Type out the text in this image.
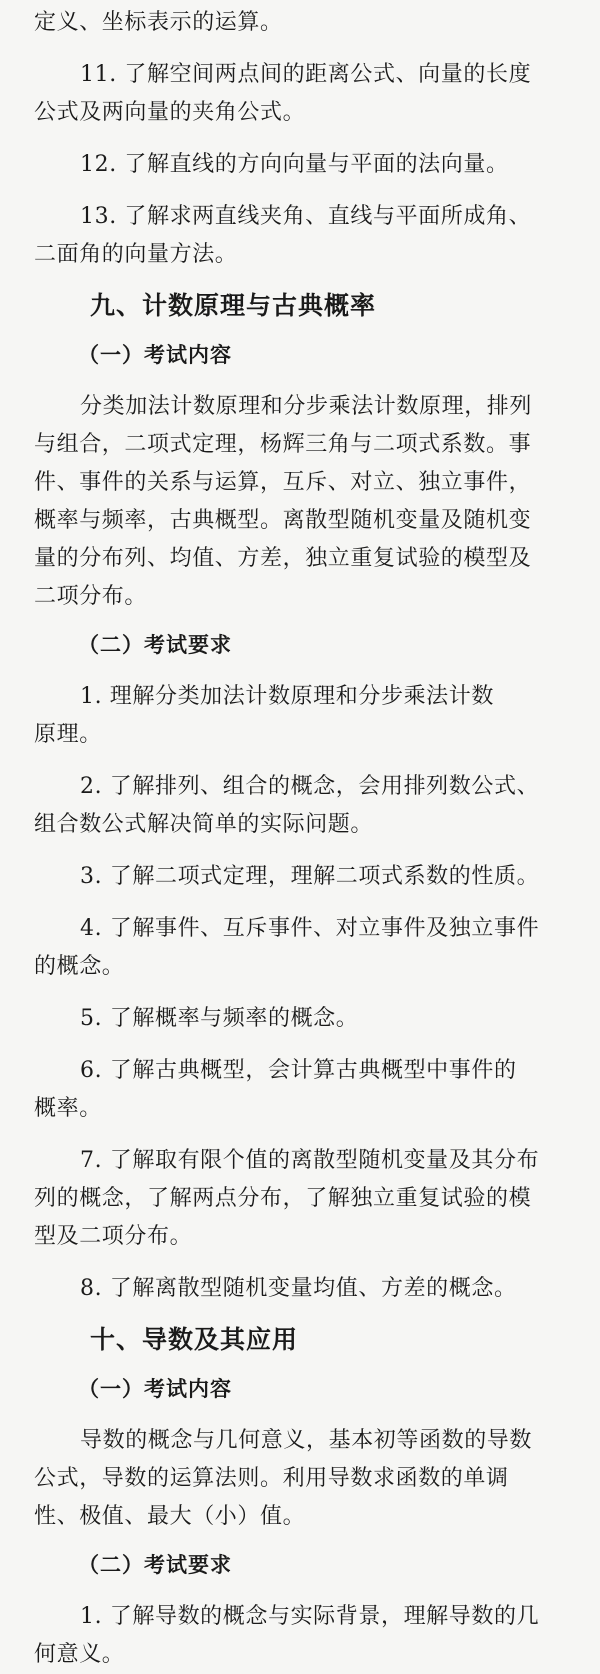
定义、坐标表示的运算。
11. 了解空间两点间的距离公式、向量的长度
公式及两向量的夹角公式。
12. 了解直线的方向向量与平面的法向量。
13. 了解求两直线夹角、直线与平面所成角、
二面角的向量方法。
九、计数原理与古典概率
（一）考试内容
分类加法计数原理和分步乘法计数原理，排列
与组合，二项式定理，杨辉三角与二项式系数。事
件、事件的关系与运算，互斥、对立、独立事件，
概率与频率，古典概型。离散型随机变量及随机变
量的分布列、均值、方差，独立重复试验的模型及
二项分布。
（二）考试要求
1. 理解分类加法计数原理和分步乘法计数
原理。
2. 了解排列、组合的概念，会用排列数公式、
组合数公式解决简单的实际问题。
3. 了解二项式定理，理解二项式系数的性质。
4. 了解事件、互斥事件、对立事件及独立事件
的概念。
5. 了解概率与频率的概念。
6. 了解古典概型，会计算古典概型中事件的
概率。
7. 了解取有限个值的离散型随机变量及其分布
列的概念，了解两点分布，了解独立重复试验的模
型及二项分布。
8. 了解离散型随机变量均值、方差的概念。
十、导数及其应用
（一）考试内容
导数的概念与几何意义，基本初等函数的导数
公式，导数的运算法则。利用导数求函数的单调
性、极值、最大（小）值。
（二）考试要求
1. 了解导数的概念与实际背景，理解导数的几
何意义。
